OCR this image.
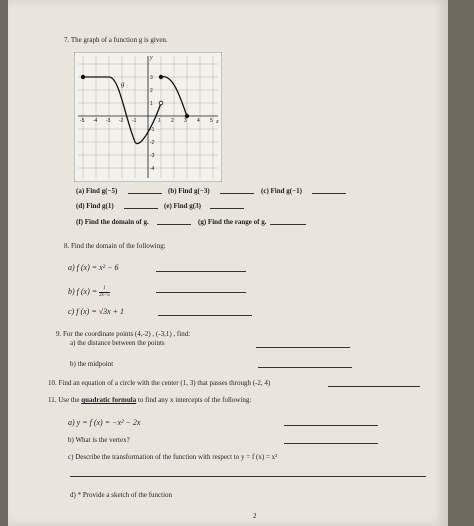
7. The graph of a function g is given.
-5 -4 -3 -2 -1	1 2 3 4 5
3
2
1
-1
-2
-3
-4
g
x
y
(a) Find g(−5)	(b) Find g(−3)	(c) Find g(−1)
(d) Find g(1)	(e) Find g(3)
(f) Find the domain of g.	(g) Find the range of g.
8. Find the domain of the following:
a) f (x) = x² − 6
b) f $(x) = \frac{1}{2x-5}$
c) f (x) = √3x + 1
9. For the coordinate points (4,-2) , (-3,1) , find:
a) the distance between the points
b) the midpoint
10. Find an equation of a circle with the center (1, 3) that passes through (-2, 4)
11. Use the quadratic formula to find any x intercepts of the following:
a) y = f (x) = −x² − 2x
b) What is the vertex?
c) Describe the transformation of the function with respect to y = f (x) = x²
d) * Provide a sketch of the function
2
